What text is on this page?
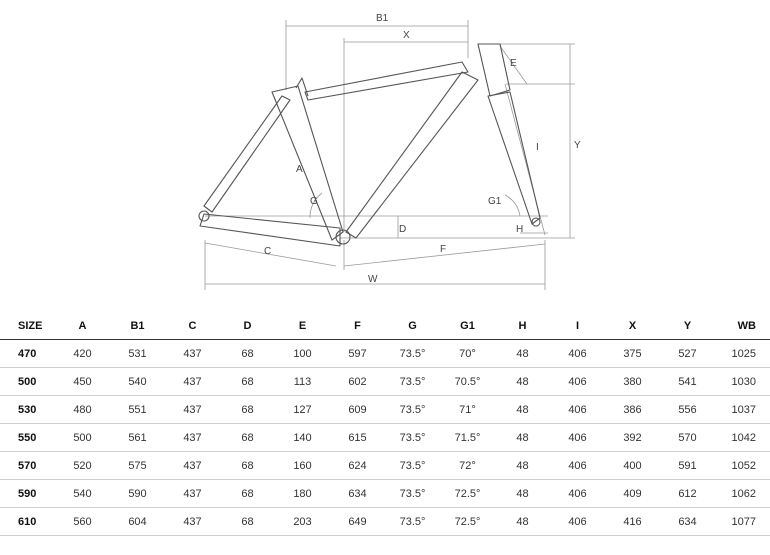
B1
X
E
Y
I
A
G	G1
D	H
C	F
W
SIZE	A	B1	C	D	E	F	G	G1	H	I	X	Y	WB
470	420	531	437	68	100	597	73.5°	70°	48	406	375	527	1025
500	450	540	437	68	113	602	73.5°	70.5°	48	406	380	541	1030
530	480	551	437	68	127	609	73.5°	71°	48	406	386	556	1037
550	500	561	437	68	140	615	73.5°	71.5°	48	406	392	570	1042
570	520	575	437	68	160	624	73.5°	72°	48	406	400	591	1052
590	540	590	437	68	180	634	73.5°	72.5°	48	406	409	612	1062
610	560	604	437	68	203	649	73.5°	72.5°	48	406	416	634	1077
